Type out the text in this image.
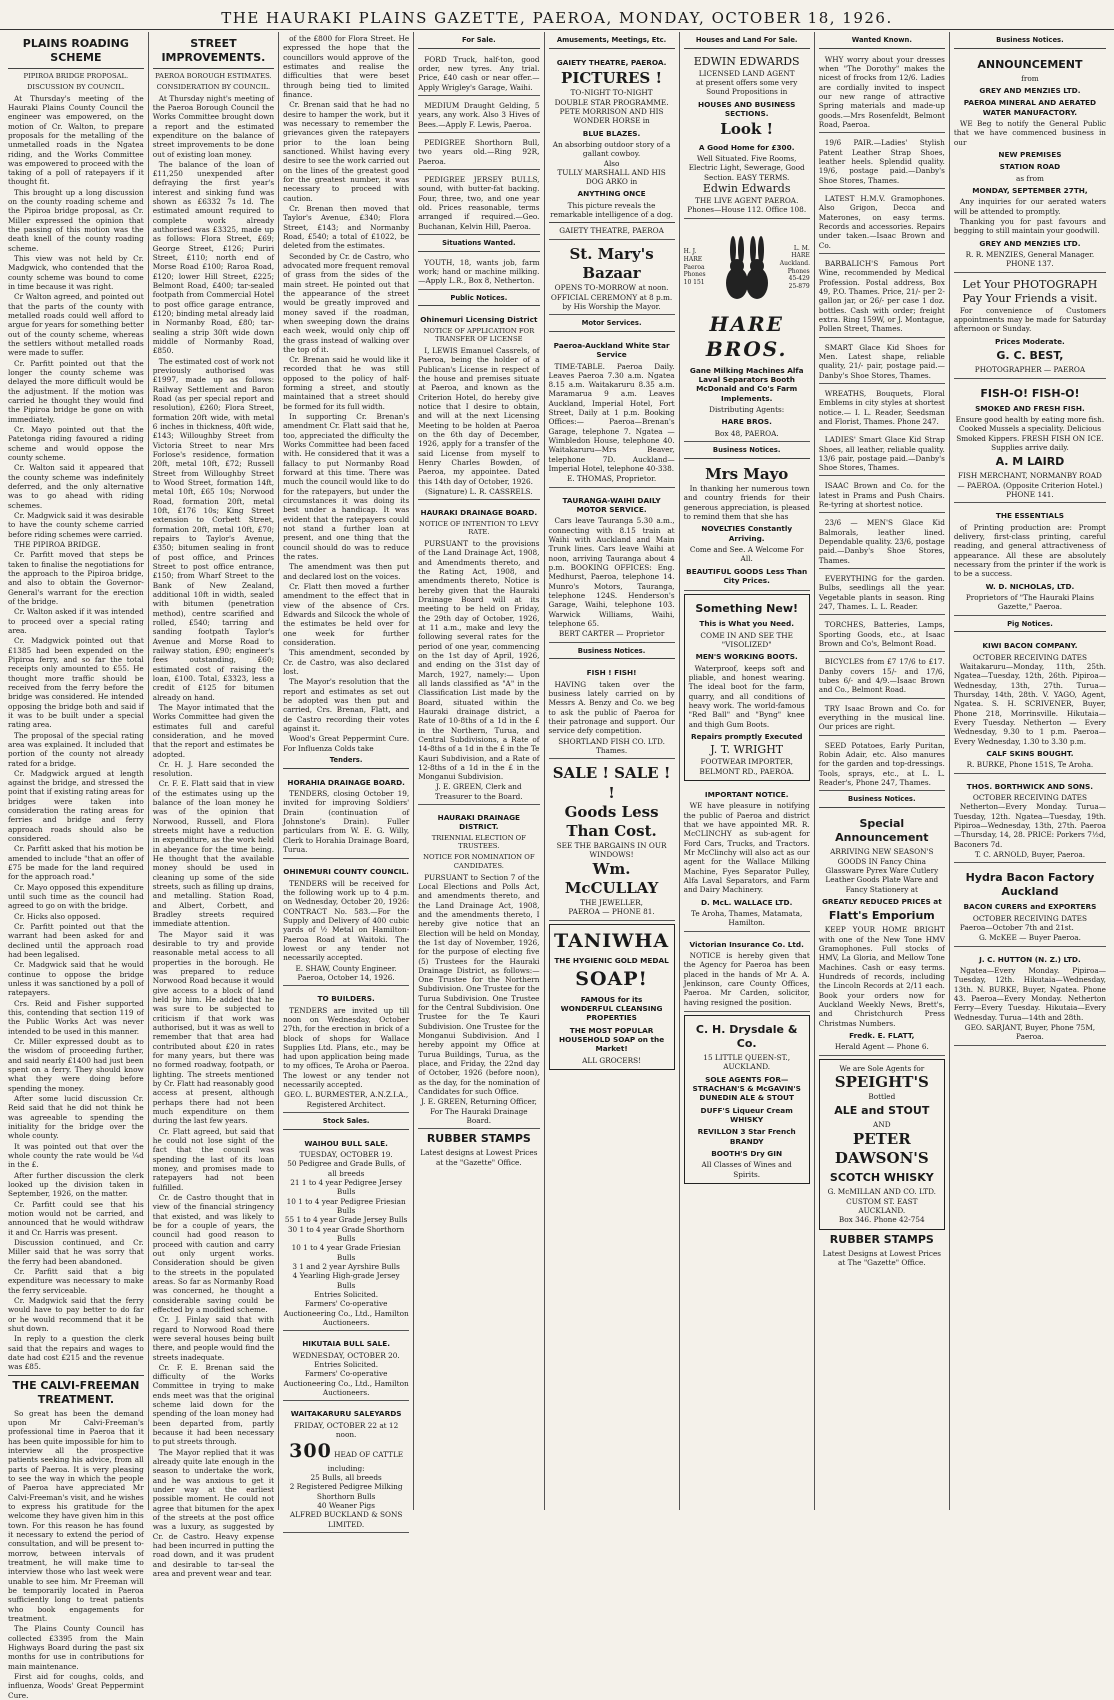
THE HAURAKI PLAINS GAZETTE, PAEROA, MONDAY, OCTOBER 18, 1926.
PLAINS ROADING SCHEME
PIPIROA BRIDGE PROPOSAL.
DISCUSSION BY COUNCIL.
At Thursday's meeting of the Hauraki Plains County Council the engineer was empowered, on the motion of Cr. Walton, to prepare proposals for the metalling of the unmetalled roads in the Ngatea riding, and the Works Committee was empowered to proceed with the taking of a poll of ratepayers if it thought fit.
This brought up a long discussion on the county roading scheme and the Pipiroa bridge proposal, as Cr. Miller expressed the opinion that the passing of this motion was the death knell of the county roading scheme.
This view was not held by Cr. Madgwick, who contended that the county scheme was bound to come in time because it was right.
Cr Walton agreed, and pointed out that the parts of the county with metalled roads could well afford to argue for years for something better out of the county scheme, whereas the settlers without metalled roads were made to suffer.
Cr. Parfitt pointed out that the longer the county scheme was delayed the more difficult would be the adjustment. If the motion was carried he thought they would find the Pipiroa bridge be gone on with immediately.
Cr. Mayo pointed out that the Patetonga riding favoured a riding scheme and would oppose the county scheme.
Cr. Walton said it appeared that the county scheme was indefinitely deferred, and the only alternative was to go ahead with riding schemes.
Cr. Madgwick said it was desirable to have the county scheme carried before riding schemes were carried.
THE PIPIROA BRIDGE.
Cr. Parfitt moved that steps be taken to finalise the negotiations for the approach to the Pipiroa bridge, and also to obtain the Governor-General's warrant for the erection of the bridge.
Cr. Walton asked if it was intended to proceed over a special rating area.
Cr. Madgwick pointed out that £1385 had been expended on the Pipiroa ferry, and so far the total receipts only amounted to £55. He thought more traffic should be received from the ferry before the bridge was considered. He intended opposing the bridge both and said if it was to be built under a special rating area.
The proposal of the special rating area was explained. It included that portion of the county not already rated for a bridge.
Cr. Madgwick argued at length against the bridge, and stressed the point that if existing rating areas for bridges were taken into consideration the rating areas for ferries and bridge and ferry approach roads should also be considered.
Cr. Parfitt asked that his motion be amended to include "that an offer of £75 be made for the land required for the approach road."
Cr. Mayo opposed this expenditure until such time as the council had agreed to go on with the bridge.
Cr. Hicks also opposed.
Cr. Parfitt pointed out that the warrant had been asked for and declined until the approach road had been legalised.
Cr. Madgwick said that he would continue to oppose the bridge unless it was sanctioned by a poll of ratepayers.
Crs. Reid and Fisher supported this, contending that section 119 of the Public Works Act was never intended to be used in this manner.
Cr. Miller expressed doubt as to the wisdom of proceeding further, and said nearly £1400 had just been spent on a ferry. They should know what they were doing before spending the money.
After some lucid discussion Cr. Reid said that he did not think he was agreeable to spending the initiality for the bridge over the whole county.
It was pointed out that over the whole county the rate would be ¼d in the £.
After further discussion the clerk looked up the division taken in September, 1926, on the matter.
Cr. Parfitt could see that his motion would not be carried, and announced that he would withdraw it and Cr. Harris was present.
Discussion continued, and Cr. Miller said that he was sorry that the ferry had been abandoned.
Cr. Parfitt said that a big expenditure was necessary to make the ferry serviceable.
Cr. Madgwick said that the ferry would have to pay better to do far or he would recommend that it be shut down.
In reply to a question the clerk said that the repairs and wages to date had cost £215 and the revenue was £85.
THE CALVI-FREEMAN TREATMENT.
So great has been the demand upon Mr Calvi-Freeman's professional time in Paeroa that it has been quite impossible for him to interview all the prospective patients seeking his advice, from all parts of Paeroa. It is very pleasing to see the way in which the people of Paeroa have appreciated Mr Calvi-Freeman's visit, and he wishes to express his gratitude for the welcome they have given him in this town. For this reason he has found it necessary to extend the period of consultation, and will be present to-morrow, between intervals of treatment, he will make time to interview those who last week were unable to see him. Mr Freeman will be temporarily located in Paeroa sufficiently long to treat patients who book engagements for treatment.
The Plains County Council has collected £3395 from the Main Highways Board during the past six months for use in contributions for main maintenance.
First aid for coughs, colds, and influenza, Woods' Great Peppermint Cure.
STREET IMPROVEMENTS.
PAEROA BOROUGH ESTIMATES.
CONSIDERATION BY COUNCIL.
At Thursday night's meeting of the Paeroa Borough Council the Works Committee brought down a report and the estimated expenditure on the balance of street improvements to be done out of existing loan money.
The balance of the loan of £11,250 unexpended after defraying the first year's interest and sinking fund was shown as £6332 7s 1d. The estimated amount required to complete work already authorised was £3325, made up as follows: Flora Street, £69; George Street, £126; Puriri Street, £110; north end of Morse Road £100; Raroa Road, £120; lower Hill Street, £225; Belmont Road, £400; tar-sealed footpath from Commercial Hotel to post office garage entrance, £120; binding metal already laid in Normanby Road, £80; tar-sealing a strip 30ft wide down middle of Normanby Road, £850.
The estimated cost of work not previously authorised was £1997, made up as follows: Railway Settlement and Baron Road (as per special report and resolution), £260; Flora Street, formation 20ft wide, with metal 6 inches in thickness, 40ft wide, £143; Willoughby Street from Victoria Street to near Mrs Forlose's residence, formation 20ft, metal 10ft, £72; Russell Street from Willoughby Street to Wood Street, formation 14ft, metal 10ft, £65 10s; Norwood Road, formation 20ft, metal 10ft, £176 10s; King Street extension to Corbett Street, formation 20ft, metal 10ft, £70; repairs to Taylor's Avenue, £350; bitumen sealing in front of post office, and Princes Street to post office entrance, £150; from Wharf Street to the Bank of New Zealand, additional 10ft in width, sealed with bitumen (penetration method), centre scarified and rolled, £540; tarring and sanding footpath Taylor's Avenue and Morse Road to railway station, £90; engineer's fees outstanding, £60; estimated cost of raising the loan, £100. Total, £3323, less a credit of £125 for bitumen already on hand.
The Mayor intimated that the Works Committee had given the estimates full and careful consideration, and he moved that the report and estimates be adopted.
Cr. H. J. Hare seconded the resolution.
Cr. F. E. Flatt said that in view of the estimates using up the balance of the loan money he was of the opinion that Norwood, Russell, and Flora streets might have a reduction in expenditure, as the work held in abeyance for the time being. He thought that the available money should be used in cleaning up some of the side streets, such as filling up drains, and metalling. Station Road, and Albert, Corbett, and Bradley streets required immediate attention.
The Mayor said it was desirable to try and provide reasonable metal access to all properties in the borough. He was prepared to reduce Norwood Road because it would give access to a block of land held by him. He added that he was sure to be subjected to criticism if that work was authorised, but it was as well to remember that that area had contributed about £20 in rates for many years, but there was no formed roadway, footpath, or lighting. The streets mentioned by Cr. Flatt had reasonably good access at present, although perhaps there had not been much expenditure on them during the last few years.
Cr. Flatt agreed, but said that he could not lose sight of the fact that the council was spending the last of its loan money, and promises made to ratepayers had not been fulfilled.
Cr. de Castro thought that in view of the financial stringency that existed, and was likely to be for a couple of years, the council had good reason to proceed with caution and carry out only urgent works. Consideration should be given to the streets in the populated areas. So far as Normanby Road was concerned, he thought a considerable saving could be effected by a modified scheme.
Cr. J. Finlay said that with regard to Norwood Road there were several houses being built there, and people would find the streets inadequate.
Cr. F. E. Brenan said the difficulty of the Works Committee in trying to make ends meet was that the original scheme laid down for the spending of the loan money had been departed from, partly because it had been necessary to put streets through.
The Mayor replied that it was already quite late enough in the season to undertake the work, and he was anxious to get it under way at the earliest possible moment. He could not agree that bitumen for the apex of the streets at the post office was a luxury, as suggested by Cr. de Castro. Heavy expense had been incurred in putting the road down, and it was prudent and desirable to tar-seal the area and prevent wear and tear.
of the £800 for Flora Street. He expressed the hope that the councillors would approve of the estimates and realise the difficulties that were beset through being tied to limited finance.
Cr. Brenan said that he had no desire to hamper the work, but it was necessary to remember the grievances given the ratepayers prior to the loan being sanctioned. Whilst having every desire to see the work carried out on the lines of the greatest good for the greatest number, it was necessary to proceed with caution.
Cr. Brenan then moved that Taylor's Avenue, £340; Flora Street, £143; and Normanby Road, £540; a total of £1022, be deleted from the estimates.
Seconded by Cr. de Castro, who advocated more frequent removal of grass from the sides of the main street. He pointed out that the appearance of the street would be greatly improved and money saved if the roadman, when sweeping down the drains each week, would only chip off the grass instead of walking over the top of it.
Cr. Brenan said he would like it recorded that he was still opposed to the policy of half-forming a street, and stoutly maintained that a street should be formed for its full width.
In supporting Cr. Brenan's amendment Cr. Flatt said that he, too, appreciated the difficulty the Works Committee had been faced with. He considered that it was a fallacy to put Normanby Road forward at this time. There was much the council would like to do for the ratepayers, but under the circumstances it was doing its best under a handicap. It was evident that the ratepayers could not stand a further loan at present, and one thing that the council should do was to reduce the rates.
The amendment was then put and declared lost on the voices.
Cr. Flatt then moved a further amendment to the effect that in view of the absence of Crs. Edwards and Silcock the whole of the estimates be held over for one week for further consideration.
This amendment, seconded by Cr. de Castro, was also declared lost.
The Mayor's resolution that the report and estimates as set out be adopted was then put and carried, Crs. Brenan, Flatt, and de Castro recording their votes against it.
Wood's Great Peppermint Cure. For Influenza Colds take
Tenders.
HORAHIA DRAINAGE BOARD.
TENDERS, closing October 19, invited for improving Soldiers' Drain (continuation of Johnstone's Drain). Fuller particulars from W. E. G. Willy, Clerk to Horahia Drainage Board, Turua.
OHINEMURI COUNTY COUNCIL.
TENDERS will be received for the following work up to 4 p.m. on Wednesday, October 20, 1926: CONTRACT No. 583.—For the Supply and Delivery of 400 cubic yards of ½ Metal on Hamilton-Paeroa Road at Waitoki. The lowest or any tender not necessarily accepted.
E. SHAW, County Engineer. Paeroa, October 14, 1926.
TO BUILDERS.
TENDERS are invited up till noon on Wednesday, October 27th, for the erection in brick of a block of shops for Wallace Supplies Ltd. Plans, etc., may be had upon application being made to my offices, Te Aroha or Paeroa. The lowest or any tender not necessarily accepted.
GEO. L. BURMESTER, A.N.Z.I.A., Registered Architect.
Stock Sales.
WAIHOU BULL SALE.
TUESDAY, OCTOBER 19.
50 Pedigree and Grade Bulls, of all breeds
21 1 to 4 year Pedigree Jersey Bulls
10 1 to 4 year Pedigree Friesian Bulls
55 1 to 4 year Grade Jersey Bulls
30 1 to 4 year Grade Shorthorn Bulls
10 1 to 4 year Grade Friesian Bulls
3 1 and 2 year Ayrshire Bulls
4 Yearling High-grade Jersey Bulls
Entries Solicited.
Farmers' Co-operative Auctioneering Co., Ltd., Hamilton Auctioneers.
HIKUTAIA BULL SALE.
WEDNESDAY, OCTOBER 20.
Entries Solicited.
Farmers' Co-operative Auctioneering Co., Ltd., Hamilton Auctioneers.
WAITAKARURU SALEYARDS
FRIDAY, OCTOBER 22 at 12 noon.
300 HEAD OF CATTLE
including:
25 Bulls, all breeds
2 Registered Pedigree Milking Shorthorn Bulls
40 Weaner Pigs
ALFRED BUCKLAND & SONS LIMITED.
For Sale.
FORD Truck, half-ton, good order, new tyres. Any trial. Price, £40 cash or near offer.—Apply Wrigley's Garage, Waihi.
MEDIUM Draught Gelding, 5 years, any work. Also 3 Hives of Bees.—Apply F. Lewis, Paeroa.
PEDIGREE Shorthorn Bull, two years old.—Ring 92R, Paeroa.
PEDIGREE JERSEY BULLS, sound, with butter-fat backing. Four, three, two, and one year old. Prices reasonable, terms arranged if required.—Geo. Buchanan, Kelvin Hill, Paeroa.
Situations Wanted.
YOUTH, 18, wants job, farm work; hand or machine milking.—Apply L.R., Box 8, Netherton.
Public Notices.
Ohinemuri Licensing District
NOTICE OF APPLICATION FOR TRANSFER OF LICENSE
I, LEWIS Emanuel Cassrels, of Paeroa, being the holder of a Publican's License in respect of the house and premises situate at Paeroa, and known as the Criterion Hotel, do hereby give notice that I desire to obtain, and will at the next Licensing Meeting to be holden at Paeroa on the 6th day of December, 1926, apply for a transfer of the said License from myself to Henry Charles Bowden, of Paeroa, my appointee. Dated this 14th day of October, 1926.
(Signature) L. R. CASSRELS.
HAURAKI DRAINAGE BOARD.
NOTICE OF INTENTION TO LEVY RATE.
PURSUANT to the provisions of the Land Drainage Act, 1908, and Amendments thereto, and the Rating Act, 1908, and amendments thereto, Notice is hereby given that the Hauraki Drainage Board will at its meeting to be held on Friday, the 29th day of October, 1926, at 11 a.m., make and levy the following several rates for the period of one year, commencing on the 1st day of April, 1926, and ending on the 31st day of March, 1927, namely:— Upon all lands classified as "A" in the Classification List made by the Board, situated within the Hauraki drainage district, a Rate of 10-8ths of a 1d in the £ in the Northern, Turua, and Central Subdivisions, a Rate of 14-8ths of a 1d in the £ in the Te Kauri Subdivision, and a Rate of 12-8ths of a 1d in the £ in the Monganui Subdivision.
J. E. GREEN, Clerk and Treasurer to the Board.
HAURAKI DRAINAGE DISTRICT.
TRIENNIAL ELECTION OF TRUSTEES.
NOTICE FOR NOMINATION OF CANDIDATES.
PURSUANT to Section 7 of the Local Elections and Polls Act, and amendments thereto, and the Land Drainage Act, 1908, and the amendments thereto, I hereby give notice that an Election will be held on Monday, the 1st day of November, 1926, for the purpose of electing five (5) Trustees for the Hauraki Drainage District, as follows:— One Trustee for the Northern Subdivision. One Trustee for the Turua Subdivision. One Trustee for the Central Subdivision. One Trustee for the Te Kauri Subdivision. One Trustee for the Monganui Subdivision. And I hereby appoint my Office at Turua Buildings, Turua, as the place, and Friday, the 22nd day of October, 1926 (before noon), as the day, for the nomination of Candidates for such Office.
J. E. GREEN, Returning Officer, For The Hauraki Drainage Board.
RUBBER STAMPS
Latest designs at Lowest Prices at the "Gazette" Office.
Amusements, Meetings, Etc.
GAIETY THEATRE, PAEROA.
PICTURES !
TO-NIGHT TO-NIGHT
DOUBLE STAR PROGRAMME.
PETE MORRISON AND HIS WONDER HORSE in
BLUE BLAZES.
An absorbing outdoor story of a gallant cowboy.
Also
TULLY MARSHALL AND HIS DOG ARKO in
ANYTHING ONCE
This picture reveals the remarkable intelligence of a dog.
GAIETY THEATRE, PAEROA
St. Mary's Bazaar
OPENS TO-MORROW at noon.
OFFICIAL CEREMONY at 8 p.m. by His Worship the Mayor.
Motor Services.
Paeroa-Auckland White Star Service
TIME-TABLE. Paeroa Daily. Leaves Paeroa 7.30 a.m. Ngatea 8.15 a.m. Waitakaruru 8.35 a.m. Maramarua 9 a.m. Leaves Auckland, Imperial Hotel, Fort Street, Daily at 1 p.m. Booking Offices:— Paeroa—Brenan's Garage, telephone 7. Ngatea — Wimbledon House, telephone 40. Waitakaruru—Mrs Beaver, telephone 7D. Auckland—Imperial Hotel, telephone 40-338.
E. THOMAS, Proprietor.
TAURANGA-WAIHI DAILY MOTOR SERVICE.
Cars leave Tauranga 5.30 a.m., connecting with 8.15 train at Waihi with Auckland and Main Trunk lines. Cars leave Waihi at noon, arriving Tauranga about 4 p.m. BOOKING OFFICES: Eng. Medhurst, Paeroa, telephone 14. Munro's Motors, Tauranga, telephone 124S. Henderson's Garage, Waihi, telephone 103. Warwick Williams, Waihi, telephone 65.
BERT CARTER — Proprietor
Business Notices.
FISH ! FISH!
HAVING taken over the business lately carried on by Messrs A. Benzy and Co. we beg to ask the public of Paeroa for their patronage and support. Our service defy competition.
SHORTLAND FISH CO. LTD. Thames.
SALE ! SALE ! !
Goods Less Than Cost.
SEE THE BARGAINS IN OUR WINDOWS!
Wm. McCULLAY
THE JEWELLER,
PAEROA — PHONE 81.
TANIWHA
THE HYGIENIC GOLD MEDAL
SOAP!
FAMOUS for its WONDERFUL CLEANSING PROPERTIES
THE MOST POPULAR HOUSEHOLD SOAP on the Market!
ALL GROCERS!
Houses and Land For Sale.
EDWIN EDWARDS
LICENSED LAND AGENT
at present offers some very Sound Propositions in
HOUSES AND BUSINESS SECTIONS.
Look !
A Good Home for £300.
Well Situated. Five Rooms, Electric Light, Sewerage, Good Section. EASY TERMS.
Edwin Edwards
THE LIVE AGENT PAEROA.
Phones—House 112. Office 108.
H. J. HARE Paeroa Phones 10 151
L. M. HARE Auckland. Phones 45-429 25-879
HARE BROS.
Gane Milking Machines Alfa Laval Separators Booth McDonald and Co's Farm Implements.
Distributing Agents:
HARE BROS.
Box 48, PAEROA.
Business Notices.
Mrs Mayo
In thanking her numerous town and country friends for their generous appreciation, is pleased to remind them that she has
NOVELTIES Constantly Arriving.
Come and See. A Welcome For All.
BEAUTIFUL GOODS Less Than City Prices.
Something New!
This is What you Need.
COME IN AND SEE THE "VISOLIZED"
MEN'S WORKING BOOTS.
Waterproof, keeps soft and pliable, and honest wearing. The ideal boot for the farm, quarry, and all conditions of heavy work. The world-famous "Red Ball" and "Byng" knee and thigh Gum Boots.
Repairs promptly Executed
J. T. WRIGHT
FOOTWEAR IMPORTER, BELMONT RD., PAEROA.
IMPORTANT NOTICE.
WE have pleasure in notifying the public of Paeroa and district that we have appointed MR. R. McCLINCHY as sub-agent for Ford Cars, Trucks, and Tractors. Mr McClinchy will also act as our agent for the Wallace Milking Machine, Fyes Separator Pulley, Alfa Laval Separators, and Farm and Dairy Machinery.
D. McL. WALLACE LTD.
Te Aroha, Thames, Matamata, Hamilton.
Victorian Insurance Co. Ltd.
NOTICE is hereby given that the Agency for Paeroa has been placed in the hands of Mr A. A. Jenkinson, care County Offices, Paeroa. Mr Carden, solicitor, having resigned the position.
C. H. Drysdale & Co.
15 LITTLE QUEEN-ST., AUCKLAND.
SOLE AGENTS FOR— STRACHAN'S & McGAVIN'S DUNEDIN ALE & STOUT
DUFF'S Liqueur Cream WHISKY
REVILLON 3 Star French BRANDY
BOOTH'S Dry GIN
All Classes of Wines and Spirits.
Wanted Known.
WHY worry about your dresses when "The Dorothy" makes the nicest of frocks from 12/6. Ladies are cordially invited to inspect our new range of attractive Spring materials and made-up goods.—Mrs Rosenfeldt, Belmont Road, Paeroa.
19/6 PAIR.—Ladies' Stylish Patent Leather Strap Shoes, leather heels. Splendid quality. 19/6, postage paid.—Danby's Shoe Stores, Thames.
LATEST H.M.V. Gramophones. Also Grigon, Decca and Materones, on easy terms. Records and accessories. Repairs under taken.—Isaac Brown and Co.
BARBALICH'S Famous Port Wine, recommended by Medical Profession. Postal address, Box 49, P.O. Thames. Price, 21/- per 2-gallon jar, or 26/- per case 1 doz. bottles. Cash with order; freight extra. Ring 159W, or J. Montague, Pollen Street, Thames.
SMART Glace Kid Shoes for Men. Latest shape, reliable quality, 21/- pair, postage paid.—Danby's Shoe Stores, Thames.
WREATHS, Bouquets, Floral Emblems in city styles at shortest notice.— I. L. Reader, Seedsman and Florist, Thames. Phone 247.
LADIES' Smart Glace Kid Strap Shoes, all leather, reliable quality. 13/6 pair, postage paid.—Danby's Shoe Stores, Thames.
ISAAC Brown and Co. for the latest in Prams and Push Chairs. Re-tyring at shortest notice.
23/6 — MEN'S Glace Kid Balmorals, leather lined. Dependable quality. 23/6, postage paid.—Danby's Shoe Stores, Thames.
EVERYTHING for the garden. Bulbs, seedlings all the year. Vegetable plants in season. Ring 247, Thames. L. L. Reader.
TORCHES, Batteries, Lamps, Sporting Goods, etc., at Isaac Brown and Co's, Belmont Road.
BICYCLES from £7 17/6 to £17. Danby covers 15/- and 17/6, tubes 6/- and 4/9.—Isaac Brown and Co., Belmont Road.
TRY Isaac Brown and Co. for everything in the musical line. Our prices are right.
SEED Potatoes, Early Puritan, Robin Adair, etc. Also manures for the garden and top-dressings. Tools, sprays, etc., at L. L. Reader's, Phone 247, Thames.
Business Notices.
Special Announcement
ARRIVING NEW SEASON'S GOODS IN Fancy China Glassware Pyrex Ware Cutlery Leather Goods Plate Ware and Fancy Stationery at
GREATLY REDUCED PRICES at
Flatt's Emporium
KEEP YOUR HOME BRIGHT with one of the New Tone HMV Gramophones. Full stocks of HMV, La Gloria, and Mellow Tone Machines. Cash or easy terms. Hundreds of records, including the Lincoln Records at 2/11 each. Book your orders now for Auckland Weekly News, Brett's, and Christchurch Press Christmas Numbers.
Fredk. E. FLATT,
Herald Agent — Phone 6.
We are Sole Agents for
SPEIGHT'S
Bottled
ALE and STOUT
AND
PETER DAWSON'S
SCOTCH WHISKY
G. McMILLAN AND CO. LTD.
CUSTOM ST. EAST AUCKLAND.
Box 346. Phone 42-754
RUBBER STAMPS
Latest Designs at Lowest Prices at The "Gazette" Office.
Business Notices.
ANNOUNCEMENT
from
GREY AND MENZIES LTD.
PAEROA MINERAL AND AERATED WATER MANUFACTORY.
WE Beg to notify the General Public that we have commenced business in our
NEW PREMISES
STATION ROAD
as from
MONDAY, SEPTEMBER 27TH,
Any inquiries for our aerated waters will be attended to promptly.
Thanking you for past favours and begging to still maintain your goodwill.
GREY AND MENZIES LTD.
R. R. MENZIES, General Manager.
PHONE 137.
Let Your PHOTOGRAPH Pay Your Friends a visit.
For convenience of Customers appointments may be made for Saturday afternoon or Sunday.
Prices Moderate.
G. C. BEST,
PHOTOGRAPHER — PAEROA
FISH-O! FISH-O!
SMOKED AND FRESH FISH.
Ensure good health by eating more fish. Cooked Mussels a speciality. Delicious Smoked Kippers. FRESH FISH ON ICE. Supplies arrive daily.
A. M LAIRD
FISH MERCHANT, NORMANBY ROAD — PAEROA. (Opposite Criterion Hotel.) PHONE 141.
THE ESSENTIALS
of Printing production are: Prompt delivery, first-class printing, careful reading, and general attractiveness of appearance. All these are absolutely necessary from the printer if the work is to be a success.
W. D. NICHOLAS, LTD.
Proprietors of "The Hauraki Plains Gazette," Paeroa.
Pig Notices.
KIWI BACON COMPANY.
OCTOBER RECEIVING DATES
Waitakaruru—Monday, 11th, 25th. Ngatea—Tuesday, 12th, 26th. Pipiroa—Wednesday, 13th, 27th. Turua—Thursday, 14th, 28th. V. YAGO, Agent, Ngatea. S. H. SCRIVENER, Buyer, Phone 218, Morrinsville. Hikutaia—Every Tuesday. Netherton — Every Wednesday, 9.30 to 1 p.m. Paeroa—Every Wednesday, 1.30 to 3.30 p.m.
CALF SKINS BOUGHT.
R. BURKE, Phone 151S, Te Aroha.
THOS. BORTHWICK AND SONS.
OCTOBER RECEIVING DATES
Netherton—Every Monday. Turua—Tuesday, 12th. Ngatea—Tuesday, 19th. Pipiroa—Wednesday, 13th, 27th. Paeroa—Thursday, 14, 28. PRICE: Porkers 7½d, Baconers 7d.
T. C. ARNOLD, Buyer, Paeroa.
Hydra Bacon Factory Auckland
BACON CURERS and EXPORTERS
OCTOBER RECEIVING DATES
Paeroa—October 7th and 21st.
G. McKEE — Buyer Paeroa.
J. C. HUTTON (N. Z.) LTD.
Ngatea—Every Monday. Pipiroa—Tuesday, 12th. Hikutaia—Wednesday, 13th. N. BURKE, Buyer, Ngatea. Phone 43. Paeroa—Every Monday. Netherton Ferry—Every Tuesday. Hikutaia—Every Wednesday. Turua—14th and 28th.
GEO. SARJANT, Buyer, Phone 75M, Paeroa.
